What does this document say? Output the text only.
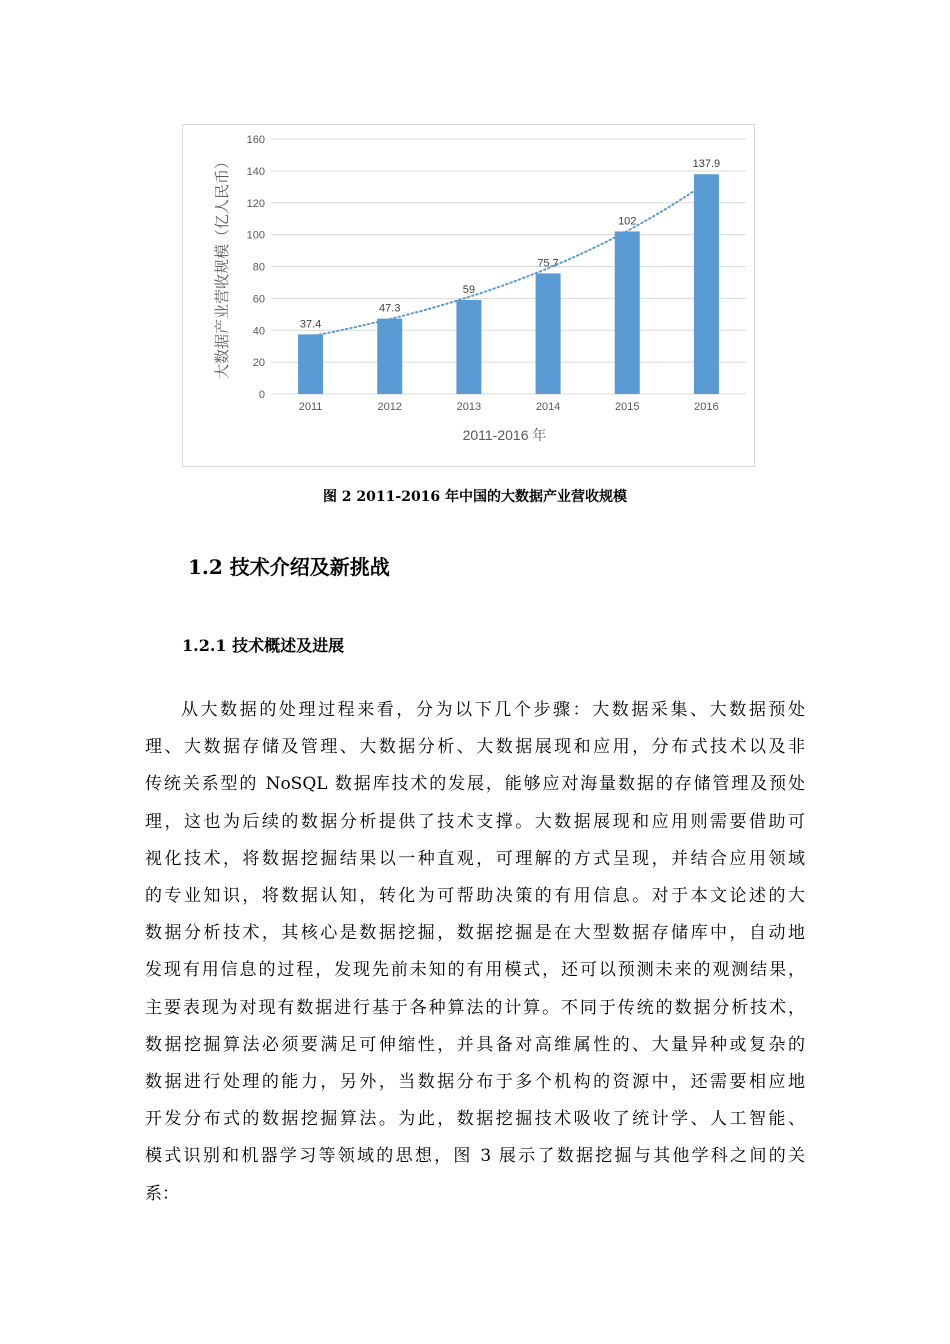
0
20
40
60
80
100
120
140
160
37.4
2011
47.3
2012
59
2013
75.7
2014
102
2015
137.9
2016
2011-2016 年
大数据产业营收规模（亿人民币）
图 2 2011-2016 年中国的大数据产业营收规模
1.2 技术介绍及新挑战
1.2.1 技术概述及进展
从大数据的处理过程来看，分为以下几个步骤：大数据采集、大数据预处
理、大数据存储及管理、大数据分析、大数据展现和应用，分布式技术以及非
传统关系型的 NoSQL 数据库技术的发展，能够应对海量数据的存储管理及预处
理，这也为后续的数据分析提供了技术支撑。大数据展现和应用则需要借助可
视化技术，将数据挖掘结果以一种直观，可理解的方式呈现，并结合应用领域
的专业知识，将数据认知，转化为可帮助决策的有用信息。对于本文论述的大
数据分析技术，其核心是数据挖掘，数据挖掘是在大型数据存储库中，自动地
发现有用信息的过程，发现先前未知的有用模式，还可以预测未来的观测结果，
主要表现为对现有数据进行基于各种算法的计算。不同于传统的数据分析技术，
数据挖掘算法必须要满足可伸缩性，并具备对高维属性的、大量异种或复杂的
数据进行处理的能力，另外，当数据分布于多个机构的资源中，还需要相应地
开发分布式的数据挖掘算法。为此，数据挖掘技术吸收了统计学、人工智能、
模式识别和机器学习等领域的思想，图 3 展示了数据挖掘与其他学科之间的关
系：
